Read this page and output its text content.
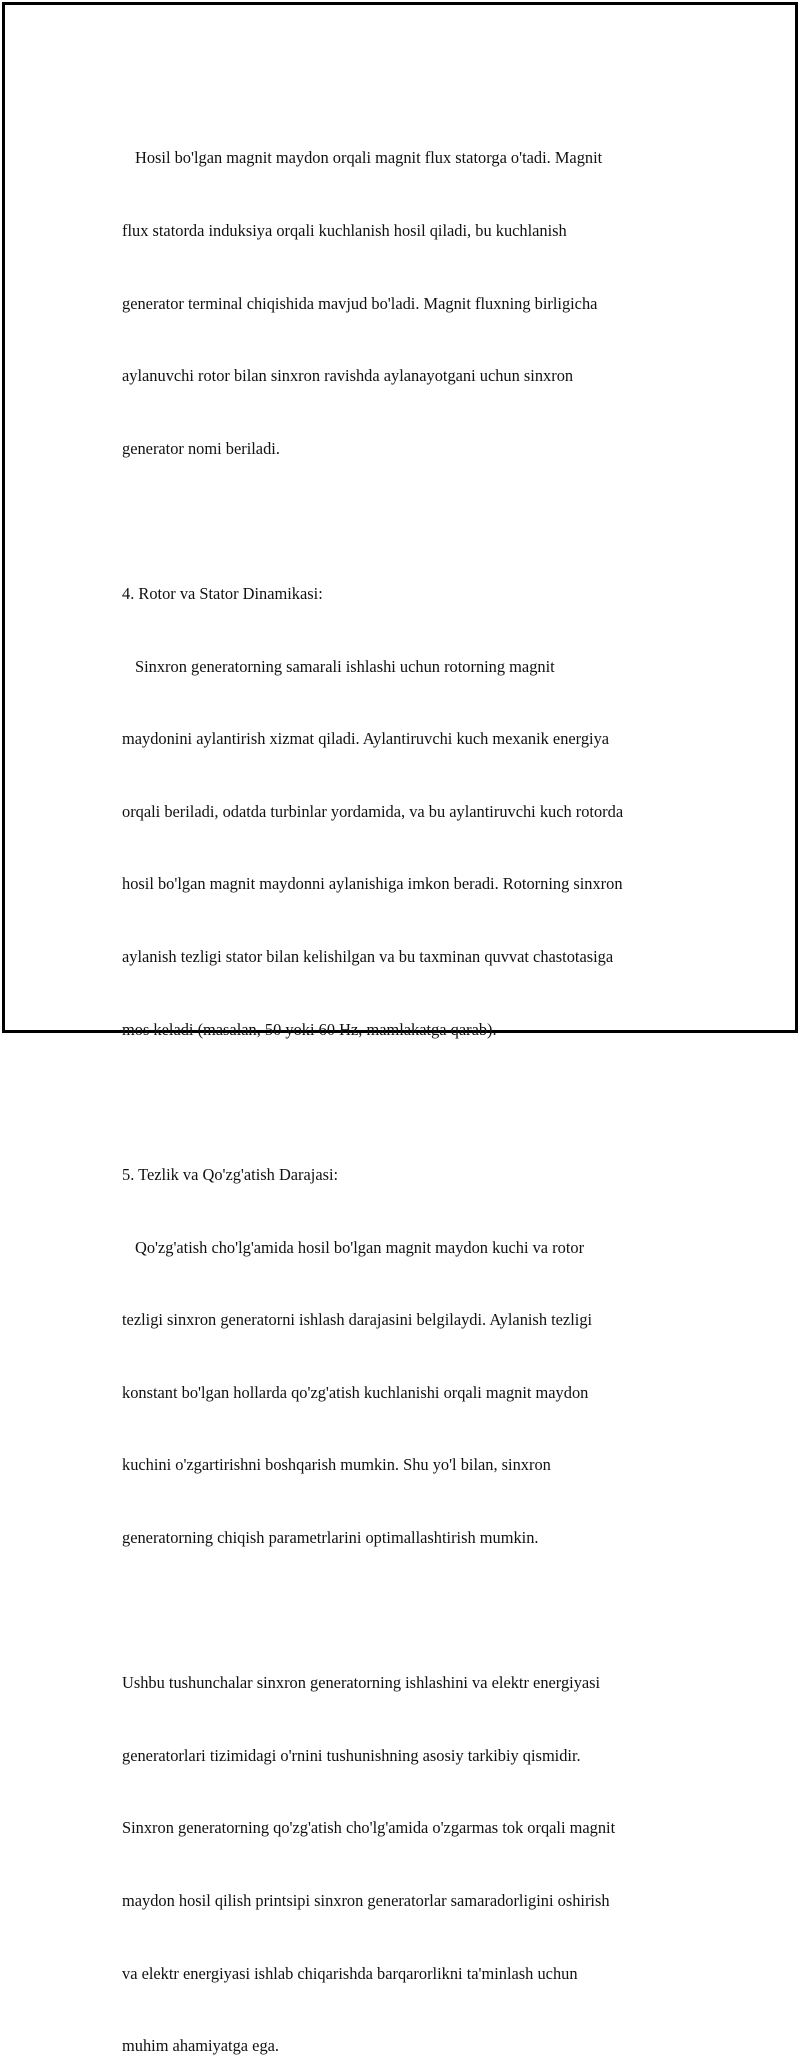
Hosil bo'lgan magnit maydon orqali magnit flux statorga o'tadi. Magnit

flux statorda induksiya orqali kuchlanish hosil qiladi, bu kuchlanish

generator terminal chiqishida mavjud bo'ladi. Magnit fluxning birligicha

aylanuvchi rotor bilan sinxron ravishda aylanayotgani uchun sinxron

generator nomi beriladi.

4. Rotor va Stator Dinamikasi:

Sinxron generatorning samarali ishlashi uchun rotorning magnit

maydonini aylantirish xizmat qiladi. Aylantiruvchi kuch mexanik energiya

orqali beriladi, odatda turbinlar yordamida, va bu aylantiruvchi kuch rotorda

hosil bo'lgan magnit maydonni aylanishiga imkon beradi. Rotorning sinxron

aylanish tezligi stator bilan kelishilgan va bu taxminan quvvat chastotasiga

mos keladi (masalan, 50 yoki 60 Hz, mamlakatga qarab).

5. Tezlik va Qo'zg'atish Darajasi:

Qo'zg'atish cho'lg'amida hosil bo'lgan magnit maydon kuchi va rotor

tezligi sinxron generatorni ishlash darajasini belgilaydi. Aylanish tezligi

konstant bo'lgan hollarda qo'zg'atish kuchlanishi orqali magnit maydon

kuchini o'zgartirishni boshqarish mumkin. Shu yo'l bilan, sinxron

generatorning chiqish parametrlarini optimallashtirish mumkin.

Ushbu tushunchalar sinxron generatorning ishlashini va elektr energiyasi

generatorlari tizimidagi o'rnini tushunishning asosiy tarkibiy qismidir.

Sinxron generatorning qo'zg'atish cho'lg'amida o'zgarmas tok orqali magnit

maydon hosil qilish printsipi sinxron generatorlar samaradorligini oshirish

va elektr energiyasi ishlab chiqarishda barqarorlikni ta'minlash uchun

muhim ahamiyatga ega.
